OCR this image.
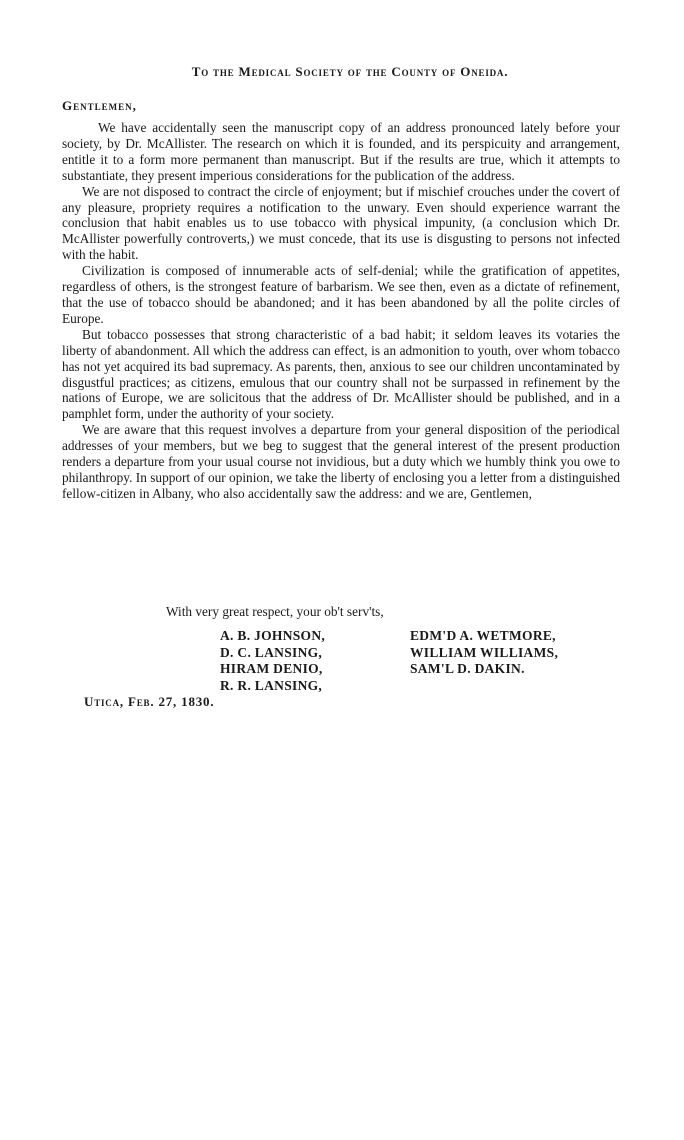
To the Medical Society of the County of Oneida.
Gentlemen,

We have accidentally seen the manuscript copy of an address pronounced lately before your society, by Dr. McAllister. The research on which it is founded, and its perspicuity and arrangement, entitle it to a form more permanent than manuscript. But if the results are true, which it attempts to substantiate, they present imperious considerations for the publication of the address.

We are not disposed to contract the circle of enjoyment; but if mischief crouches under the covert of any pleasure, propriety requires a notification to the unwary. Even should experience warrant the conclusion that habit enables us to use tobacco with physical impunity, (a conclusion which Dr. McAllister powerfully controverts,) we must concede, that its use is disgusting to persons not infected with the habit.

Civilization is composed of innumerable acts of self-denial; while the gratification of appetites, regardless of others, is the strongest feature of barbarism. We see then, even as a dictate of refinement, that the use of tobacco should be abandoned; and it has been abandoned by all the polite circles of Europe.

But tobacco possesses that strong characteristic of a bad habit; it seldom leaves its votaries the liberty of abandonment. All which the address can effect, is an admonition to youth, over whom tobacco has not yet acquired its bad supremacy. As parents, then, anxious to see our children uncontaminated by disgustful practices; as citizens, emulous that our country shall not be surpassed in refinement by the nations of Europe, we are solicitous that the address of Dr. McAllister should be published, and in a pamphlet form, under the authority of your society.

We are aware that this request involves a departure from your general disposition of the periodical addresses of your members, but we beg to suggest that the general interest of the present production renders a departure from your usual course not invidious, but a duty which we humbly think you owe to philanthropy. In support of our opinion, we take the liberty of enclosing you a letter from a distinguished fellow-citizen in Albany, who also accidentally saw the address: and we are, Gentlemen,

With very great respect, your ob't serv'ts,
A. B. JOHNSON,
D. C. LANSING,
HIRAM DENIO,
R. R. LANSING,
EDM'D A. WETMORE,
WILLIAM WILLIAMS,
SAM'L D. DAKIN.
Utica, Feb. 27, 1830.
